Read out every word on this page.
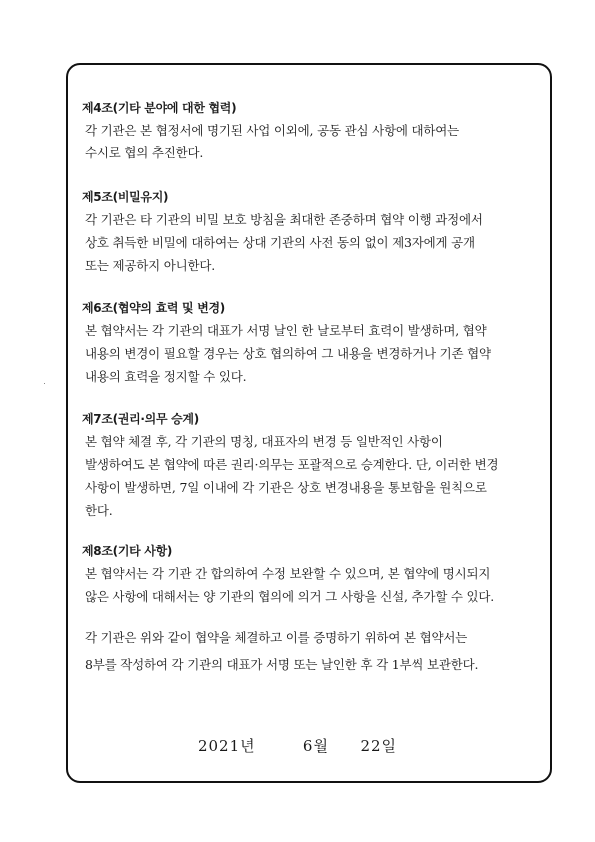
제4조(기타 분야에 대한 협력)

각 기관은 본 협정서에 명기된 사업 이외에, 공동 관심 사항에 대하여는

수시로 협의 추진한다.

제5조(비밀유지)

각 기관은 타 기관의 비밀 보호 방침을 최대한 존중하며 협약 이행 과정에서

상호 취득한 비밀에 대하여는 상대 기관의 사전 동의 없이 제3자에게 공개

또는 제공하지 아니한다.

제6조(협약의 효력 및 변경)

본 협약서는 각 기관의 대표가 서명 날인 한 날로부터 효력이 발생하며, 협약

내용의 변경이 필요할 경우는 상호 협의하여 그 내용을 변경하거나 기존 협약

내용의 효력을 정지할 수 있다.

제7조(권리·의무 승계)

본 협약 체결 후, 각 기관의 명칭, 대표자의 변경 등 일반적인 사항이

발생하여도 본 협약에 따른 권리·의무는 포괄적으로 승계한다. 단, 이러한 변경

사항이 발생하면, 7일 이내에 각 기관은 상호 변경내용을 통보함을 원칙으로

한다.

제8조(기타 사항)

본 협약서는 각 기관 간 합의하여 수정 보완할 수 있으며, 본 협약에 명시되지

않은 사항에 대해서는 양 기관의 협의에 의거 그 사항을 신설, 추가할 수 있다.

각 기관은 위와 같이 협약을 체결하고 이를 증명하기 위하여 본 협약서는
8부를 작성하여 각 기관의 대표가 서명 또는 날인한 후 각 1부씩 보관한다.
2021년   6월  22일
